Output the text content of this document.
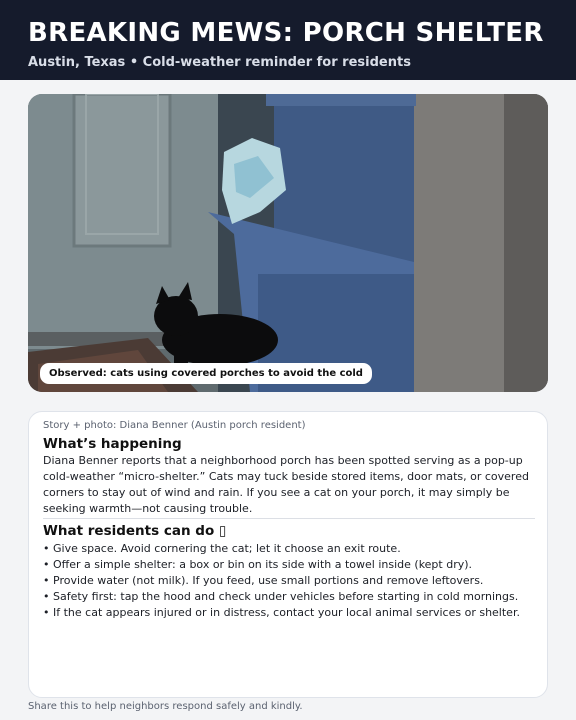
BREAKING MEWS: PORCH SHELTER
Austin, Texas • Cold-weather reminder for residents
Observed: cats using covered porches to avoid the cold
Story + photo: Diana Benner (Austin porch resident)
What’s happening

Diana Benner reports that a neighborhood porch has been spotted serving as a pop-up cold-weather “micro-shelter.” Cats may tuck beside stored items, door mats, or covered corners to stay out of wind and rain. If you see a cat on your porch, it may simply be seeking warmth—not causing trouble.

What residents can do ▯
• Give space. Avoid cornering the cat; let it choose an exit route.
• Offer a simple shelter: a box or bin on its side with a towel inside (kept dry).
• Provide water (not milk). If you feed, use small portions and remove leftovers.
• Safety first: tap the hood and check under vehicles before starting in cold mornings.
• If the cat appears injured or in distress, contact your local animal services or shelter.
Share this to help neighbors respond safely and kindly.
